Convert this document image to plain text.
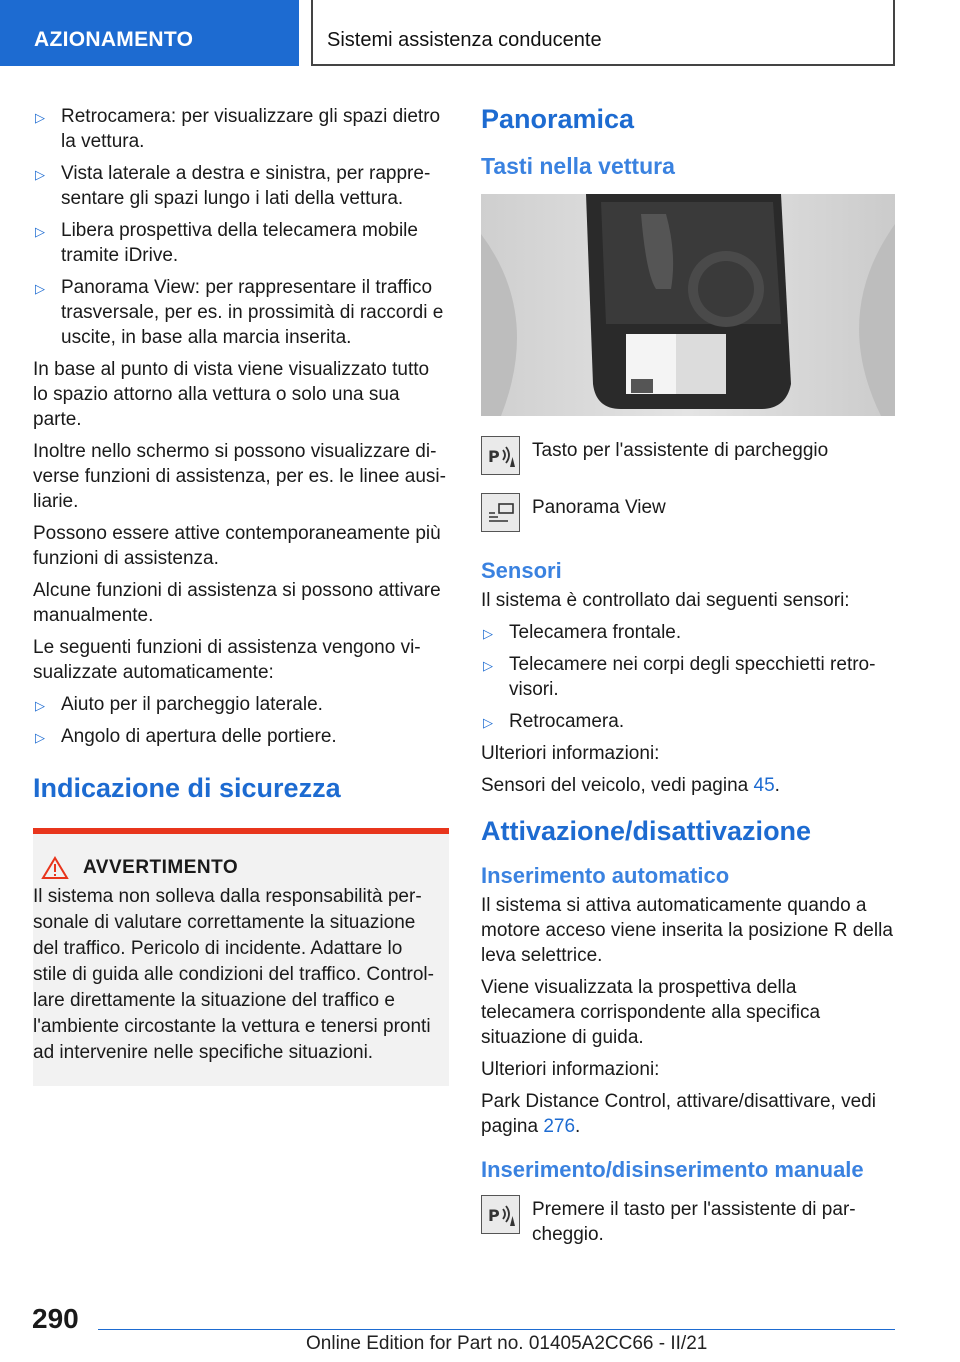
AZIONAMENTO	Sistemi assistenza conducente
▷ Retrocamera: per visualizzare gli spazi dietro la vettura.
▷ Vista laterale a destra e sinistra, per rappre-sentare gli spazi lungo i lati della vettura.
▷ Libera prospettiva della telecamera mobile tramite iDrive.
▷ Panorama View: per rappresentare il traffico trasversale, per es. in prossimità di raccordi e uscite, in base alla marcia inserita.

In base al punto di vista viene visualizzato tutto lo spazio attorno alla vettura o solo una sua parte.

Inoltre nello schermo si possono visualizzare di-verse funzioni di assistenza, per es. le linee ausi-liarie.

Possono essere attive contemporaneamente più funzioni di assistenza.

Alcune funzioni di assistenza si possono attivare manualmente.

Le seguenti funzioni di assistenza vengono vi-sualizzate automaticamente:

▷ Aiuto per il parcheggio laterale.
▷ Angolo di apertura delle portiere.
Indicazione di sicurezza
AVVERTIMENTO

Il sistema non solleva dalla responsabilità per-sonale di valutare correttamente la situazione del traffico. Pericolo di incidente. Adattare lo stile di guida alle condizioni del traffico. Control-lare direttamente la situazione del traffico e l'ambiente circostante la vettura e tenersi pronti ad intervenire nelle specifiche situazioni.

Panoramica
Tasti nella vettura
P Tasto per l'assistente di parcheggio
Panorama View
Sensori

Il sistema è controllato dai seguenti sensori:

▷ Telecamera frontale.
▷ Telecamere nei corpi degli specchietti retro-visori.
▷ Retrocamera.

Ulteriori informazioni:

Sensori del veicolo, vedi pagina 45.

Attivazione/disattivazione
Inserimento automatico

Il sistema si attiva automaticamente quando a motore acceso viene inserita la posizione R della leva selettrice.

Viene visualizzata la prospettiva della telecamera corrispondente alla specifica situazione di guida.

Ulteriori informazioni:

Park Distance Control, attivare/disattivare, vedi pagina 276.

Inserimento/disinserimento manuale
P Premere il tasto per l'assistente di par-cheggio.
290
Online Edition for Part no. 01405A2CC66 - II/21
